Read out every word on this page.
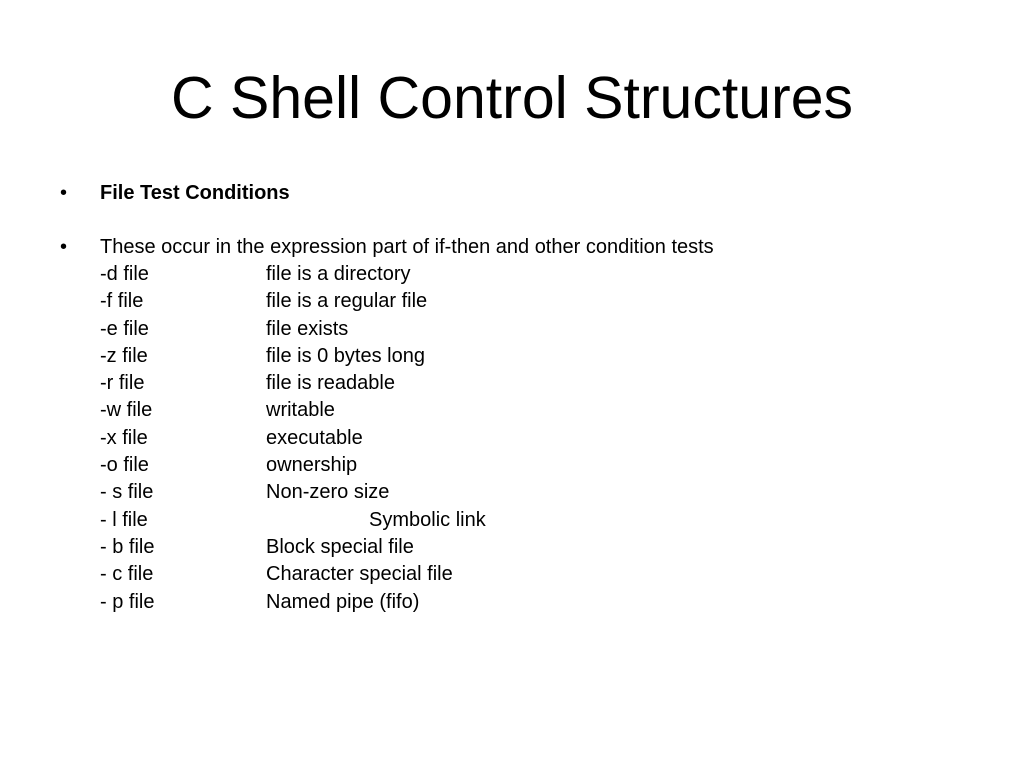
C Shell Control Structures
• File Test Conditions
• These occur in the expression part of if-then and other condition tests
-d file	file is a directory
-f file	file is a regular file
-e file	file exists
-z file	file is 0 bytes long
-r file	file is readable
-w file	writable
-x file	executable
-o file	ownership
- s file	Non-zero size
- l file	Symbolic link
- b file	Block special file
- c file	Character special file
- p file	Named pipe (fifo)
